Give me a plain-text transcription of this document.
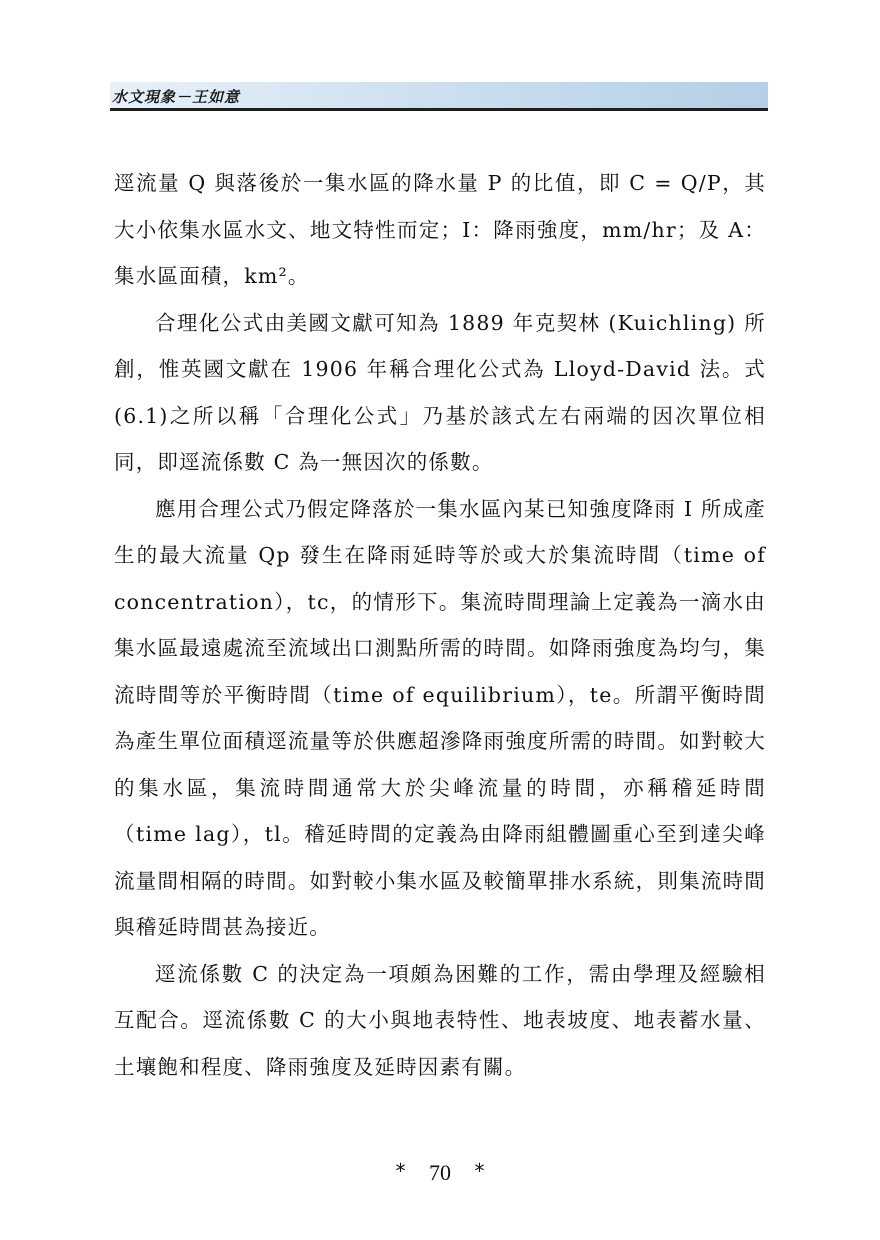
水文現象－王如意

逕流量 Q 與落後於一集水區的降水量 P 的比值，即 C = Q/P，其大小依集水區水文、地文特性而定；I：降雨強度，mm/hr；及 A：集水區面積，km²。

合理化公式由美國文獻可知為 1889 年克契林 (Kuichling) 所創，惟英國文獻在 1906 年稱合理化公式為 Lloyd-David 法。式(6.1)之所以稱「合理化公式」乃基於該式左右兩端的因次單位相同，即逕流係數 C 為一無因次的係數。

應用合理公式乃假定降落於一集水區內某已知強度降雨 I 所成產生的最大流量 Qp 發生在降雨延時等於或大於集流時間（time of concentration），tc，的情形下。集流時間理論上定義為一滴水由集水區最遠處流至流域出口測點所需的時間。如降雨強度為均勻，集流時間等於平衡時間（time of equilibrium），te。所謂平衡時間為產生單位面積逕流量等於供應超滲降雨強度所需的時間。如對較大的集水區，集流時間通常大於尖峰流量的時間，亦稱稽延時間（time lag），tl。稽延時間的定義為由降雨組體圖重心至到達尖峰流量間相隔的時間。如對較小集水區及較簡單排水系統，則集流時間與稽延時間甚為接近。

逕流係數 C 的決定為一項頗為困難的工作，需由學理及經驗相互配合。逕流係數 C 的大小與地表特性、地表坡度、地表蓄水量、土壤飽和程度、降雨強度及延時因素有關。

* 70 *
